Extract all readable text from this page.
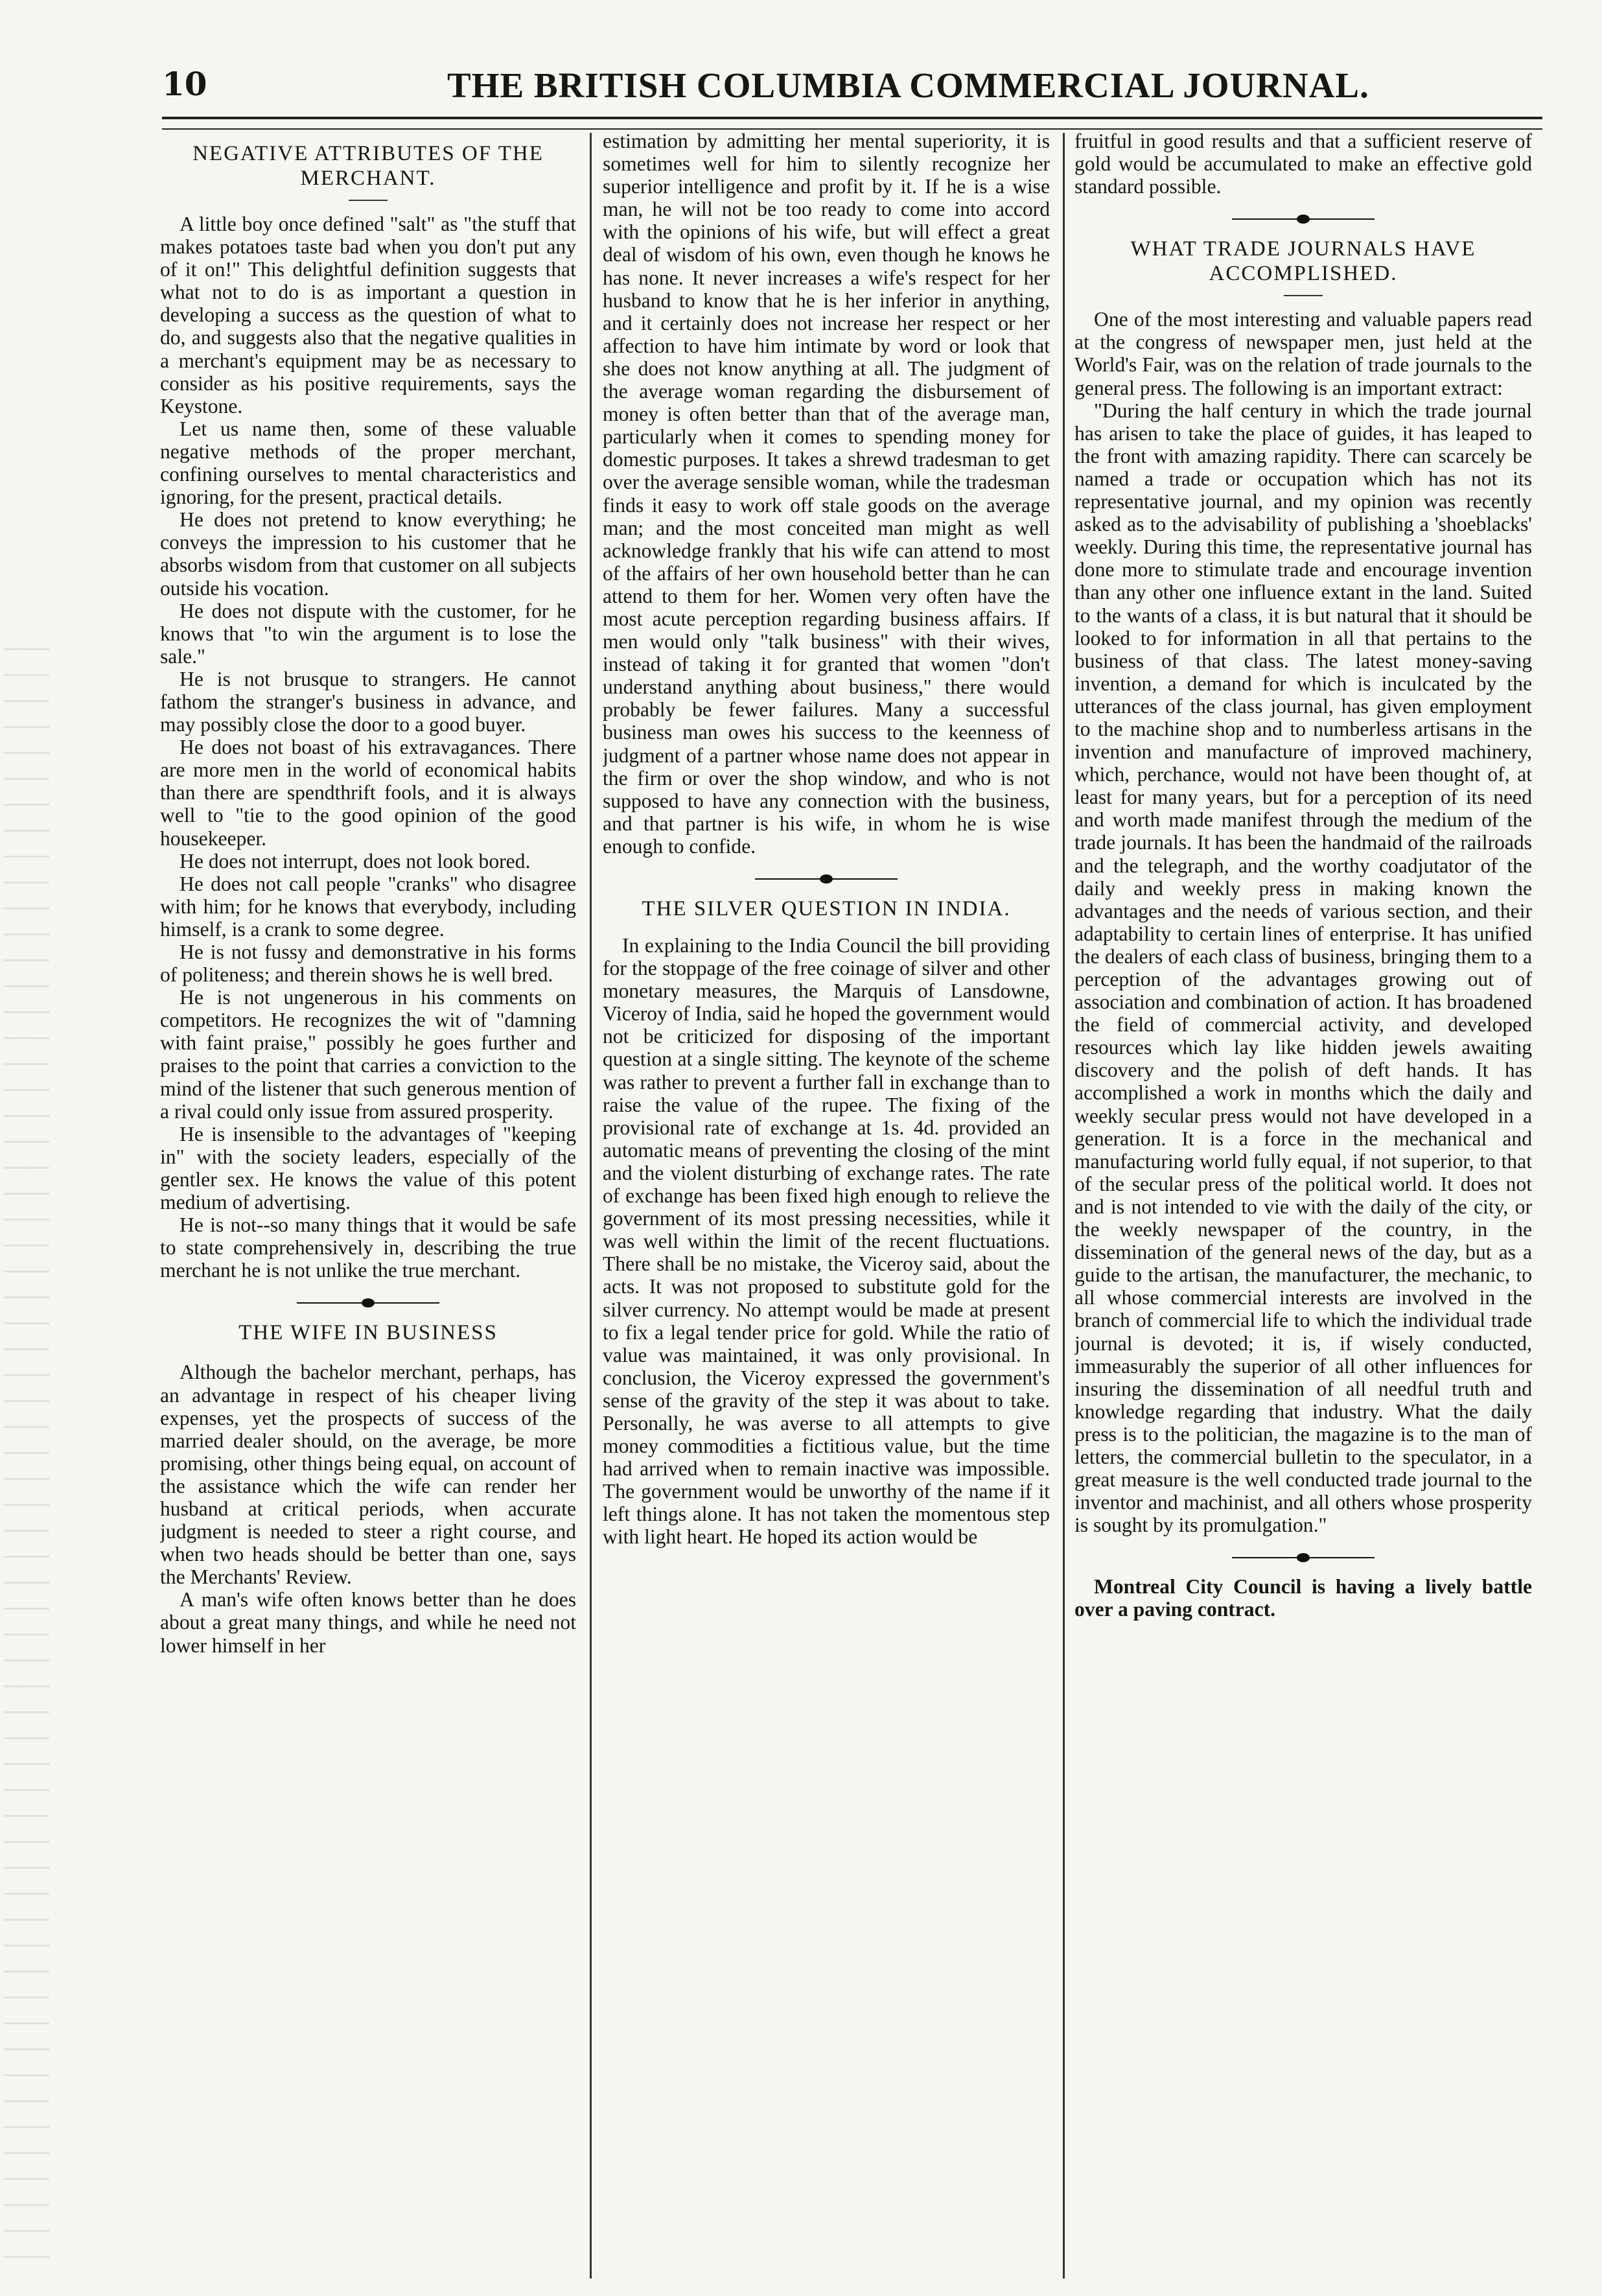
10	THE BRITISH COLUMBIA COMMERCIAL JOURNAL.
NEGATIVE ATTRIBUTES OF THE MERCHANT.

A little boy once defined "salt" as "the stuff that makes potatoes taste bad when you don't put any of it on!" This delightful definition suggests that what not to do is as important a question in developing a success as the question of what to do, and suggests also that the negative qualities in a merchant's equipment may be as necessary to consider as his positive requirements, says the Keystone.

Let us name then, some of these valuable negative methods of the proper merchant, confining ourselves to mental characteristics and ignoring, for the present, practical details.

He does not pretend to know everything; he conveys the impression to his customer that he absorbs wisdom from that customer on all subjects outside his vocation.

He does not dispute with the customer, for he knows that "to win the argument is to lose the sale."

He is not brusque to strangers. He cannot fathom the stranger's business in advance, and may possibly close the door to a good buyer.

He does not boast of his extravagances. There are more men in the world of economical habits than there are spendthrift fools, and it is always well to "tie to the good opinion of the good housekeeper.

He does not interrupt, does not look bored.

He does not call people "cranks" who disagree with him; for he knows that everybody, including himself, is a crank to some degree.

He is not fussy and demonstrative in his forms of politeness; and therein shows he is well bred.

He is not ungenerous in his comments on competitors. He recognizes the wit of "damning with faint praise," possibly he goes further and praises to the point that carries a conviction to the mind of the listener that such generous mention of a rival could only issue from assured prosperity.

He is insensible to the advantages of "keeping in" with the society leaders, especially of the gentler sex. He knows the value of this potent medium of advertising.

He is not--so many things that it would be safe to state comprehensively in, describing the true merchant he is not unlike the true merchant.

THE WIFE IN BUSINESS

Although the bachelor merchant, perhaps, has an advantage in respect of his cheaper living expenses, yet the prospects of success of the married dealer should, on the average, be more promising, other things being equal, on account of the assistance which the wife can render her husband at critical periods, when accurate judgment is needed to steer a right course, and when two heads should be better than one, says the Merchants' Review.

A man's wife often knows better than he does about a great many things, and while he need not lower himself in her

estimation by admitting her mental superiority, it is sometimes well for him to silently recognize her superior intelligence and profit by it. If he is a wise man, he will not be too ready to come into accord with the opinions of his wife, but will effect a great deal of wisdom of his own, even though he knows he has none. It never increases a wife's respect for her husband to know that he is her inferior in anything, and it certainly does not increase her respect or her affection to have him intimate by word or look that she does not know anything at all. The judgment of the average woman regarding the disbursement of money is often better than that of the average man, particularly when it comes to spending money for domestic purposes. It takes a shrewd tradesman to get over the average sensible woman, while the tradesman finds it easy to work off stale goods on the average man; and the most conceited man might as well acknowledge frankly that his wife can attend to most of the affairs of her own household better than he can attend to them for her. Women very often have the most acute perception regarding business affairs. If men would only "talk business" with their wives, instead of taking it for granted that women "don't understand anything about business," there would probably be fewer failures. Many a successful business man owes his success to the keenness of judgment of a partner whose name does not appear in the firm or over the shop window, and who is not supposed to have any connection with the business, and that partner is his wife, in whom he is wise enough to confide.

THE SILVER QUESTION IN INDIA.

In explaining to the India Council the bill providing for the stoppage of the free coinage of silver and other monetary measures, the Marquis of Lansdowne, Viceroy of India, said he hoped the government would not be criticized for disposing of the important question at a single sitting. The keynote of the scheme was rather to prevent a further fall in exchange than to raise the value of the rupee. The fixing of the provisional rate of exchange at 1s. 4d. provided an automatic means of preventing the closing of the mint and the violent disturbing of exchange rates. The rate of exchange has been fixed high enough to relieve the government of its most pressing necessities, while it was well within the limit of the recent fluctuations. There shall be no mistake, the Viceroy said, about the acts. It was not proposed to substitute gold for the silver currency. No attempt would be made at present to fix a legal tender price for gold. While the ratio of value was maintained, it was only provisional. In conclusion, the Viceroy expressed the government's sense of the gravity of the step it was about to take. Personally, he was averse to all attempts to give money commodities a fictitious value, but the time had arrived when to remain inactive was impossible. The government would be unworthy of the name if it left things alone. It has not taken the momentous step with light heart. He hoped its action would be

fruitful in good results and that a sufficient reserve of gold would be accumulated to make an effective gold standard possible.

WHAT TRADE JOURNALS HAVE ACCOMPLISHED.

One of the most interesting and valuable papers read at the congress of newspaper men, just held at the World's Fair, was on the relation of trade journals to the general press. The following is an important extract:

"During the half century in which the trade journal has arisen to take the place of guides, it has leaped to the front with amazing rapidity. There can scarcely be named a trade or occupation which has not its representative journal, and my opinion was recently asked as to the advisability of publishing a 'shoeblacks' weekly. During this time, the representative journal has done more to stimulate trade and encourage invention than any other one influence extant in the land. Suited to the wants of a class, it is but natural that it should be looked to for information in all that pertains to the business of that class. The latest money-saving invention, a demand for which is inculcated by the utterances of the class journal, has given employment to the machine shop and to numberless artisans in the invention and manufacture of improved machinery, which, perchance, would not have been thought of, at least for many years, but for a perception of its need and worth made manifest through the medium of the trade journals. It has been the handmaid of the railroads and the telegraph, and the worthy coadjutator of the daily and weekly press in making known the advantages and the needs of various section, and their adaptability to certain lines of enterprise. It has unified the dealers of each class of business, bringing them to a perception of the advantages growing out of association and combination of action. It has broadened the field of commercial activity, and developed resources which lay like hidden jewels awaiting discovery and the polish of deft hands. It has accomplished a work in months which the daily and weekly secular press would not have developed in a generation. It is a force in the mechanical and manufacturing world fully equal, if not superior, to that of the secular press of the political world. It does not and is not intended to vie with the daily of the city, or the weekly newspaper of the country, in the dissemination of the general news of the day, but as a guide to the artisan, the manufacturer, the mechanic, to all whose commercial interests are involved in the branch of commercial life to which the individual trade journal is devoted; it is, if wisely conducted, immeasurably the superior of all other influences for insuring the dissemination of all needful truth and knowledge regarding that industry. What the daily press is to the politician, the magazine is to the man of letters, the commercial bulletin to the speculator, in a great measure is the well conducted trade journal to the inventor and machinist, and all others whose prosperity is sought by its promulgation."

Montreal City Council is having a lively battle over a paving contract.
